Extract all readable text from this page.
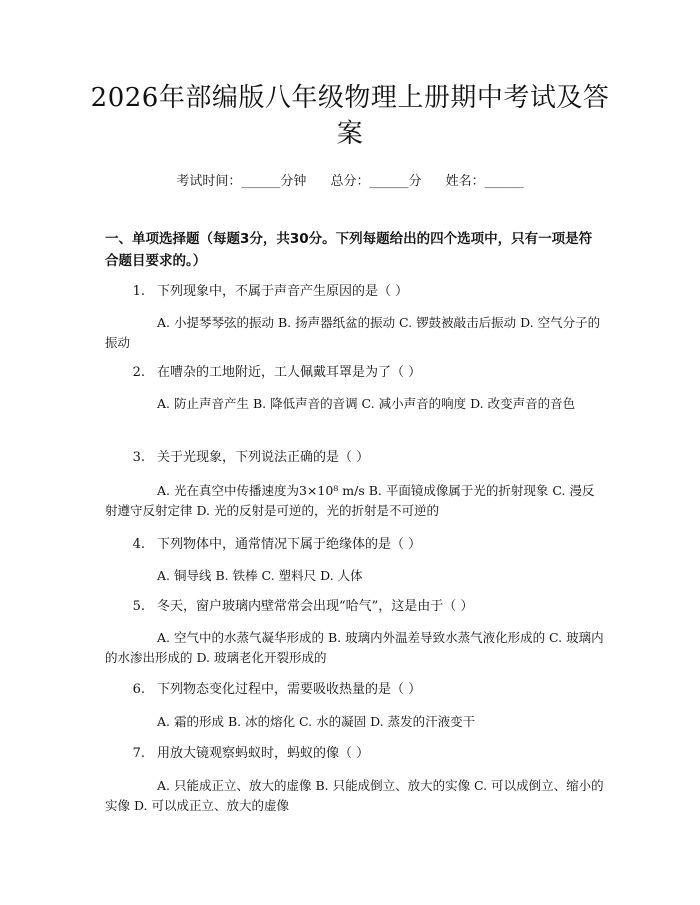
2026年部编版八年级物理上册期中考试及答案
考试时间：______分钟 总分：______分 姓名：______
一、单项选择题（每题3分，共30分。下列每题给出的四个选项中，只有一项是符合题目要求的。）
1. 下列现象中，不属于声音产生原因的是（ ）
A. 小提琴琴弦的振动 B. 扬声器纸盆的振动 C. 锣鼓被敲击后振动 D. 空气分子的振动
2. 在嘈杂的工地附近，工人佩戴耳罩是为了（ ）
A. 防止声音产生 B. 降低声音的音调 C. 减小声音的响度 D. 改变声音的音色
3. 关于光现象，下列说法正确的是（ ）
A. 光在真空中传播速度为3×10⁸ m/s B. 平面镜成像属于光的折射现象 C. 漫反射遵守反射定律 D. 光的反射是可逆的，光的折射是不可逆的
4. 下列物体中，通常情况下属于绝缘体的是（ ）
A. 铜导线 B. 铁棒 C. 塑料尺 D. 人体
5. 冬天，窗户玻璃内壁常常会出现“哈气”，这是由于（ ）
A. 空气中的水蒸气凝华形成的 B. 玻璃内外温差导致水蒸气液化形成的 C. 玻璃内的水渗出形成的 D. 玻璃老化开裂形成的
6. 下列物态变化过程中，需要吸收热量的是（ ）
A. 霜的形成 B. 冰的熔化 C. 水的凝固 D. 蒸发的汗液变干
7. 用放大镜观察蚂蚁时，蚂蚁的像（ ）
A. 只能成正立、放大的虚像 B. 只能成倒立、放大的实像 C. 可以成倒立、缩小的实像 D. 可以成正立、放大的虚像
